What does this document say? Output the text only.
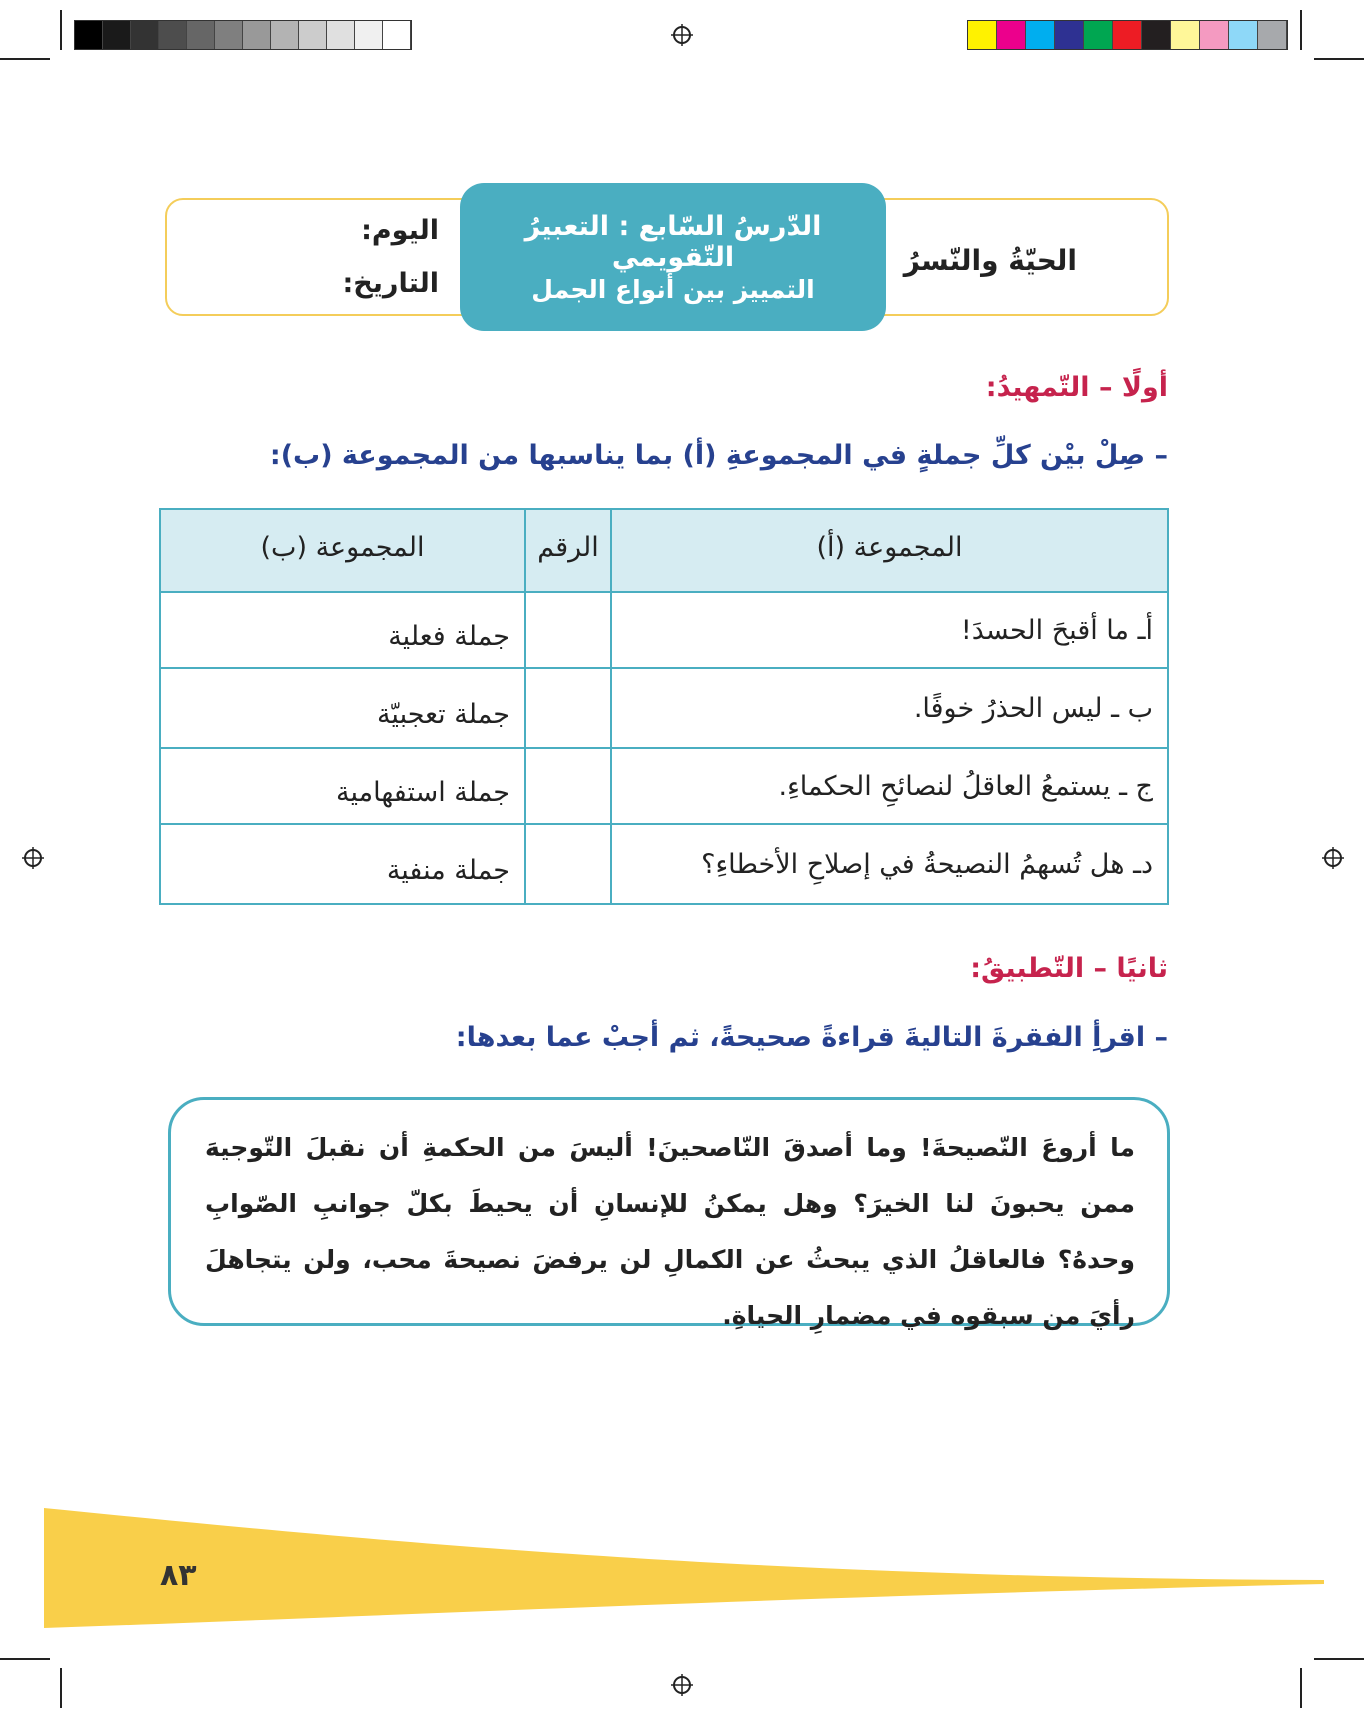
اليوم:
التاريخ:
الحيّةُ والنّسرُ
الدّرسُ السّابع : التعبيرُ التّقويمي
التمييز بين أنواع الجمل
أولًا – التّمهيدُ:
– صِلْ بيْن كلِّ جملةٍ في المجموعةِ (أ) بما يناسبها من المجموعة (ب):
المجموعة (أ)	الرقم	المجموعة (ب)
أـ ما أقبحَ الحسدَ!		جملة فعلية
ب ـ ليس الحذرُ خوفًا.		جملة تعجبيّة
ج ـ يستمعُ العاقلُ لنصائحِ الحكماءِ.		جملة استفهامية
دـ هل تُسهمُ النصيحةُ في إصلاحِ الأخطاءِ؟		جملة منفية
ثانيًا – التّطبيقُ:
– اقرأِ الفقرةَ التاليةَ قراءةً صحيحةً، ثم أجبْ عما بعدها:
ما أروعَ النّصيحةَ! وما أصدقَ النّاصحينَ! أليسَ من الحكمةِ أن نقبلَ التّوجيهَ ممن يحبونَ لنا الخيرَ؟ وهل يمكنُ للإنسانِ أن يحيطَ بكلّ جوانبِ الصّوابِ وحدهُ؟ فالعاقلُ الذي يبحثُ عن الكمالِ لن يرفضَ نصيحةَ محب، ولن يتجاهلَ رأيَ من سبقوه في مضمارِ الحياةِ.
٨٣
